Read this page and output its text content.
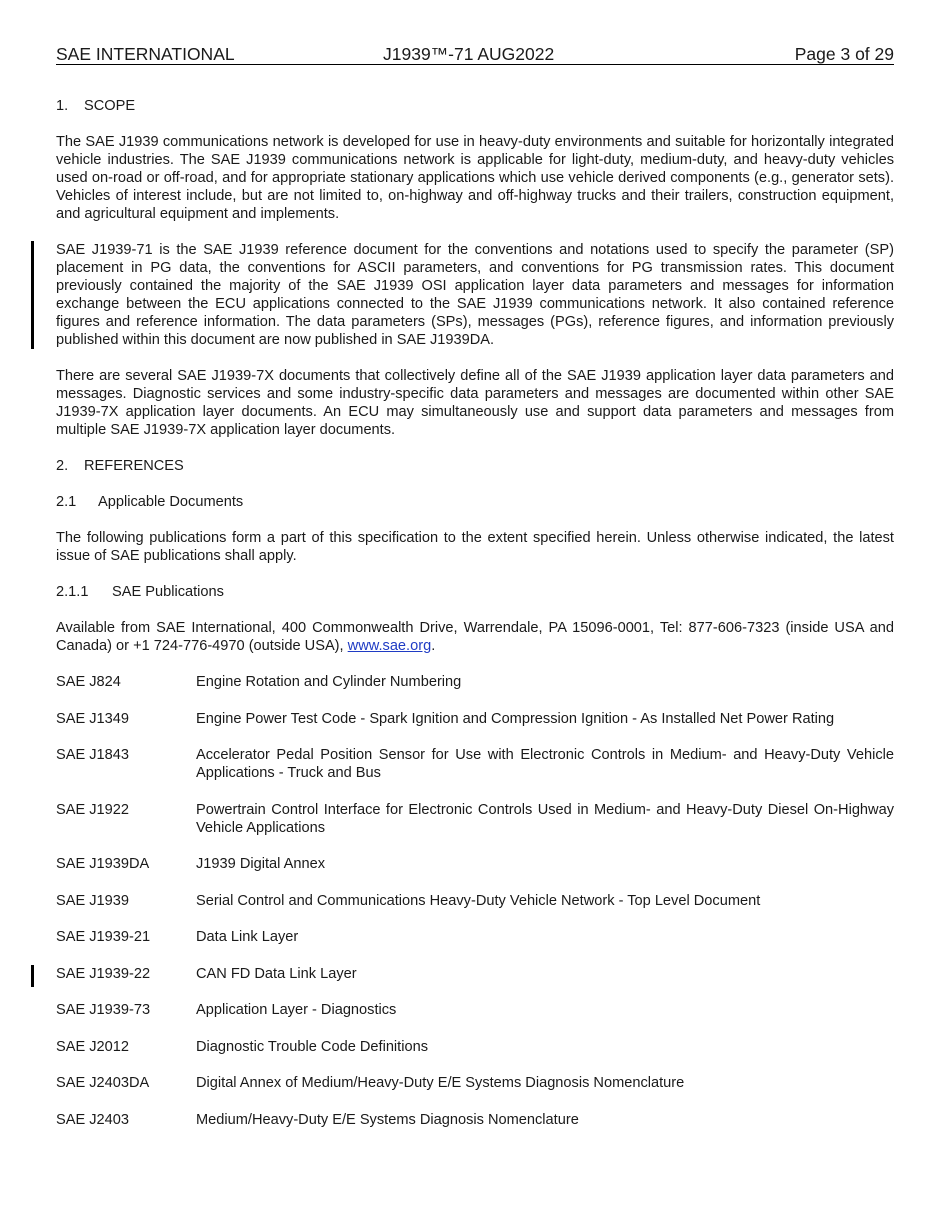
SAE INTERNATIONAL	J1939™-71 AUG2022	Page 3 of 29
1. SCOPE

The SAE J1939 communications network is developed for use in heavy-duty environments and suitable for horizontally integrated vehicle industries. The SAE J1939 communications network is applicable for light-duty, medium-duty, and heavy-duty vehicles used on-road or off-road, and for appropriate stationary applications which use vehicle derived components (e.g., generator sets). Vehicles of interest include, but are not limited to, on-highway and off-highway trucks and their trailers, construction equipment, and agricultural equipment and implements.

SAE J1939-71 is the SAE J1939 reference document for the conventions and notations used to specify the parameter (SP) placement in PG data, the conventions for ASCII parameters, and conventions for PG transmission rates. This document previously contained the majority of the SAE J1939 OSI application layer data parameters and messages for information exchange between the ECU applications connected to the SAE J1939 communications network. It also contained reference figures and reference information. The data parameters (SPs), messages (PGs), reference figures, and information previously published within this document are now published in SAE J1939DA.

There are several SAE J1939-7X documents that collectively define all of the SAE J1939 application layer data parameters and messages. Diagnostic services and some industry-specific data parameters and messages are documented within other SAE J1939-7X application layer documents. An ECU may simultaneously use and support data parameters and messages from multiple SAE J1939-7X application layer documents.

2. REFERENCES
2.1 Applicable Documents

The following publications form a part of this specification to the extent specified herein. Unless otherwise indicated, the latest issue of SAE publications shall apply.

2.1.1 SAE Publications

Available from SAE International, 400 Commonwealth Drive, Warrendale, PA 15096-0001, Tel: 877-606-7323 (inside USA and Canada) or +1 724-776-4970 (outside USA), www.sae.org.

SAE J824	Engine Rotation and Cylinder Numbering
SAE J1349	Engine Power Test Code - Spark Ignition and Compression Ignition - As Installed Net Power Rating
SAE J1843	Accelerator Pedal Position Sensor for Use with Electronic Controls in Medium- and Heavy-Duty Vehicle Applications - Truck and Bus
SAE J1922	Powertrain Control Interface for Electronic Controls Used in Medium- and Heavy-Duty Diesel On-Highway Vehicle Applications
SAE J1939DA	J1939 Digital Annex
SAE J1939	Serial Control and Communications Heavy-Duty Vehicle Network - Top Level Document
SAE J1939-21	Data Link Layer
SAE J1939-22	CAN FD Data Link Layer
SAE J1939-73	Application Layer - Diagnostics
SAE J2012	Diagnostic Trouble Code Definitions
SAE J2403DA	Digital Annex of Medium/Heavy-Duty E/E Systems Diagnosis Nomenclature
SAE J2403	Medium/Heavy-Duty E/E Systems Diagnosis Nomenclature
